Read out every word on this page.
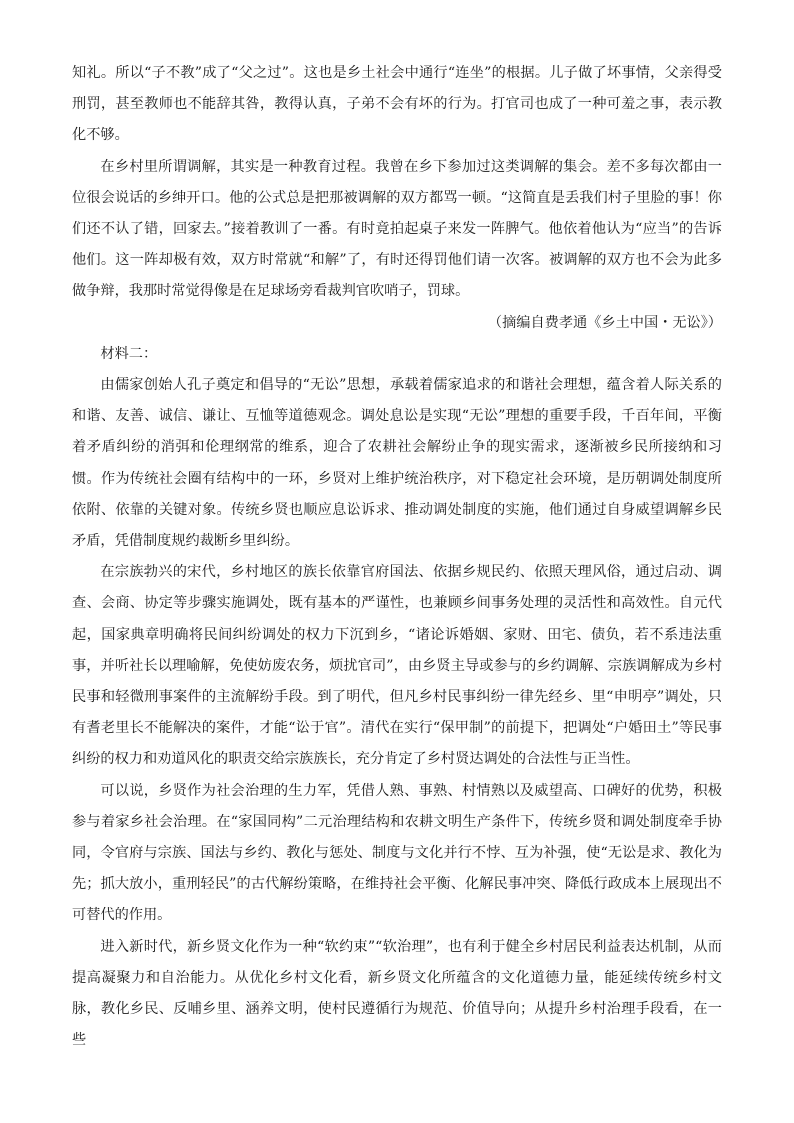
知礼。所以“子不教”成了“父之过”。这也是乡土社会中通行“连坐”的根据。儿子做了坏事情，父亲得受刑罚，甚至教师也不能辞其咎，教得认真，子弟不会有坏的行为。打官司也成了一种可羞之事，表示教化不够。

在乡村里所谓调解，其实是一种教育过程。我曾在乡下参加过这类调解的集会。差不多每次都由一位很会说话的乡绅开口。他的公式总是把那被调解的双方都骂一顿。“这简直是丢我们村子里脸的事！你们还不认了错，回家去。”接着教训了一番。有时竟拍起桌子来发一阵脾气。他依着他认为“应当”的告诉他们。这一阵却极有效，双方时常就“和解”了，有时还得罚他们请一次客。被调解的双方也不会为此多做争辩，我那时常觉得像是在足球场旁看裁判官吹哨子，罚球。

（摘编自费孝通《乡土中国・无讼》）

材料二：

由儒家创始人孔子奠定和倡导的“无讼”思想，承载着儒家追求的和谐社会理想，蕴含着人际关系的和谐、友善、诚信、谦让、互恤等道德观念。调处息讼是实现“无讼”理想的重要手段，千百年间，平衡着矛盾纠纷的消弭和伦理纲常的维系，迎合了农耕社会解纷止争的现实需求，逐渐被乡民所接纳和习惯。作为传统社会圈有结构中的一环，乡贤对上维护统治秩序，对下稳定社会环境，是历朝调处制度所依附、依靠的关键对象。传统乡贤也顺应息讼诉求、推动调处制度的实施，他们通过自身威望调解乡民矛盾，凭借制度规约裁断乡里纠纷。

在宗族勃兴的宋代，乡村地区的族长依靠官府国法、依据乡规民约、依照天理风俗，通过启动、调查、会商、协定等步骤实施调处，既有基本的严谨性，也兼顾乡间事务处理的灵活性和高效性。自元代起，国家典章明确将民间纠纷调处的权力下沉到乡，“诸论诉婚姻、家财、田宅、债负，若不系违法重事，并听社长以理喻解，免使妨废农务，烦扰官司”，由乡贤主导或参与的乡约调解、宗族调解成为乡村民事和轻微刑事案件的主流解纷手段。到了明代，但凡乡村民事纠纷一律先经乡、里“申明亭”调处，只有耆老里长不能解决的案件，才能“讼于官”。清代在实行“保甲制”的前提下，把调处“户婚田土”等民事纠纷的权力和劝道风化的职责交给宗族族长，充分肯定了乡村贤达调处的合法性与正当性。

可以说，乡贤作为社会治理的生力军，凭借人熟、事熟、村情熟以及威望高、口碑好的优势，积极参与着家乡社会治理。在“家国同构”二元治理结构和农耕文明生产条件下，传统乡贤和调处制度牵手协同，令官府与宗族、国法与乡约、教化与惩处、制度与文化并行不悖、互为补强，使“无讼是求、教化为先；抓大放小，重刑轻民”的古代解纷策略，在维持社会平衡、化解民事冲突、降低行政成本上展现出不可替代的作用。

进入新时代，新乡贤文化作为一种“软约束”“软治理”，也有利于健全乡村居民利益表达机制，从而提高凝聚力和自治能力。从优化乡村文化看，新乡贤文化所蕴含的文化道德力量，能延续传统乡村文脉，教化乡民、反哺乡里、涵养文明，使村民遵循行为规范、价值导向；从提升乡村治理手段看，在一些
